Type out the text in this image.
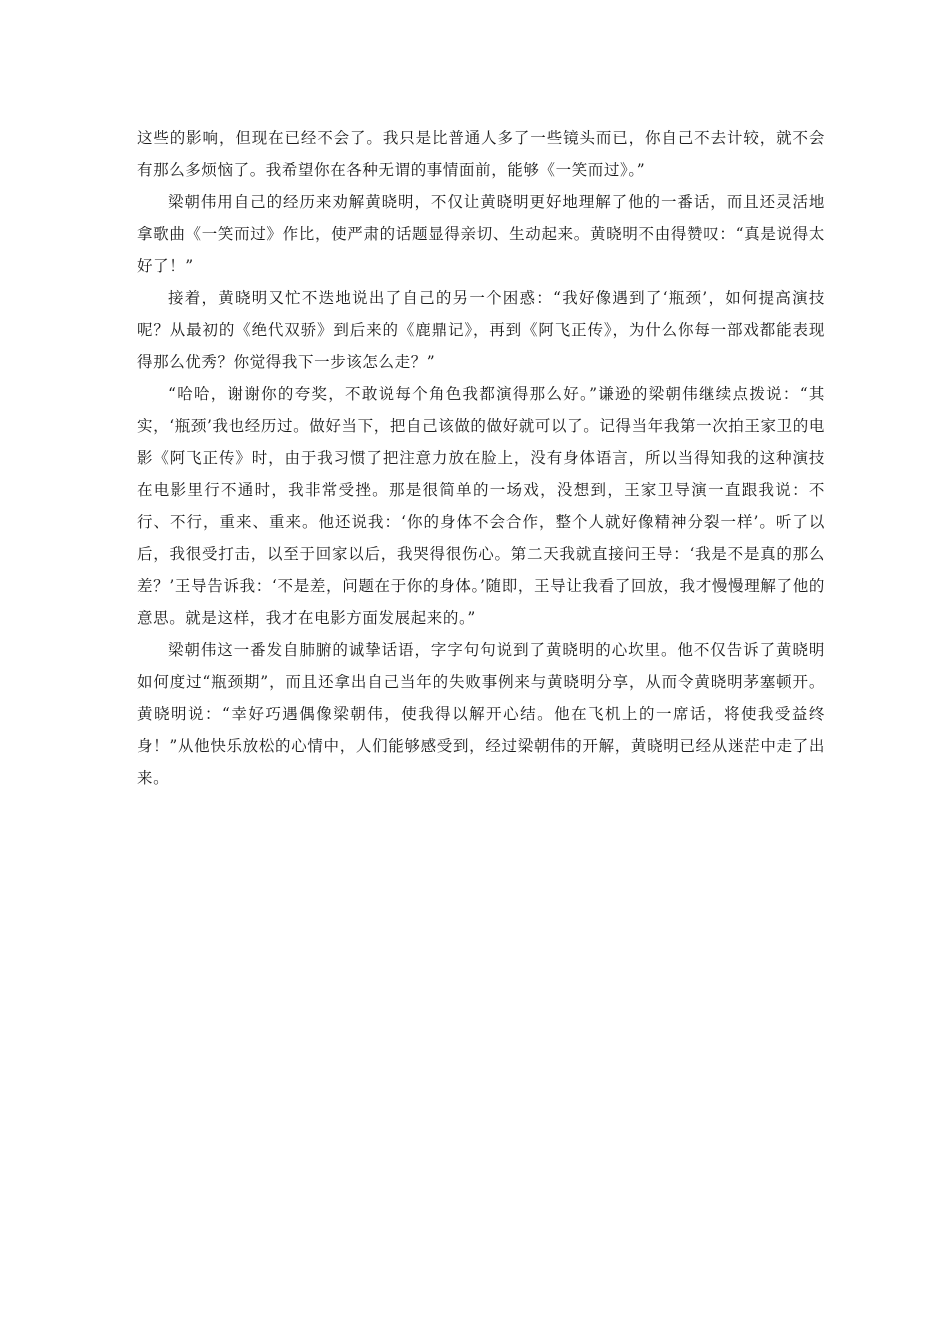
这些的影响，但现在已经不会了。我只是比普通人多了一些镜头而已，你自己不去计较，就不会有那么多烦恼了。我希望你在各种无谓的事情面前，能够《一笑而过》。”

梁朝伟用自己的经历来劝解黄晓明，不仅让黄晓明更好地理解了他的一番话，而且还灵活地拿歌曲《一笑而过》作比，使严肃的话题显得亲切、生动起来。黄晓明不由得赞叹：“真是说得太好了！”

接着，黄晓明又忙不迭地说出了自己的另一个困惑：“我好像遇到了‘瓶颈’，如何提高演技呢？从最初的《绝代双骄》到后来的《鹿鼎记》，再到《阿飞正传》，为什么你每一部戏都能表现得那么优秀？你觉得我下一步该怎么走？”

“哈哈，谢谢你的夸奖，不敢说每个角色我都演得那么好。”谦逊的梁朝伟继续点拨说：“其实，‘瓶颈’我也经历过。做好当下，把自己该做的做好就可以了。记得当年我第一次拍王家卫的电影《阿飞正传》时，由于我习惯了把注意力放在脸上，没有身体语言，所以当得知我的这种演技在电影里行不通时，我非常受挫。那是很简单的一场戏，没想到，王家卫导演一直跟我说：不行、不行，重来、重来。他还说我：‘你的身体不会合作，整个人就好像精神分裂一样’。听了以后，我很受打击，以至于回家以后，我哭得很伤心。第二天我就直接问王导：‘我是不是真的那么差？’王导告诉我：‘不是差，问题在于你的身体。’随即，王导让我看了回放，我才慢慢理解了他的意思。就是这样，我才在电影方面发展起来的。”

梁朝伟这一番发自肺腑的诚挚话语，字字句句说到了黄晓明的心坎里。他不仅告诉了黄晓明如何度过“瓶颈期”，而且还拿出自己当年的失败事例来与黄晓明分享，从而令黄晓明茅塞顿开。黄晓明说：“幸好巧遇偶像梁朝伟，使我得以解开心结。他在飞机上的一席话，将使我受益终身！”从他快乐放松的心情中，人们能够感受到，经过梁朝伟的开解，黄晓明已经从迷茫中走了出来。
